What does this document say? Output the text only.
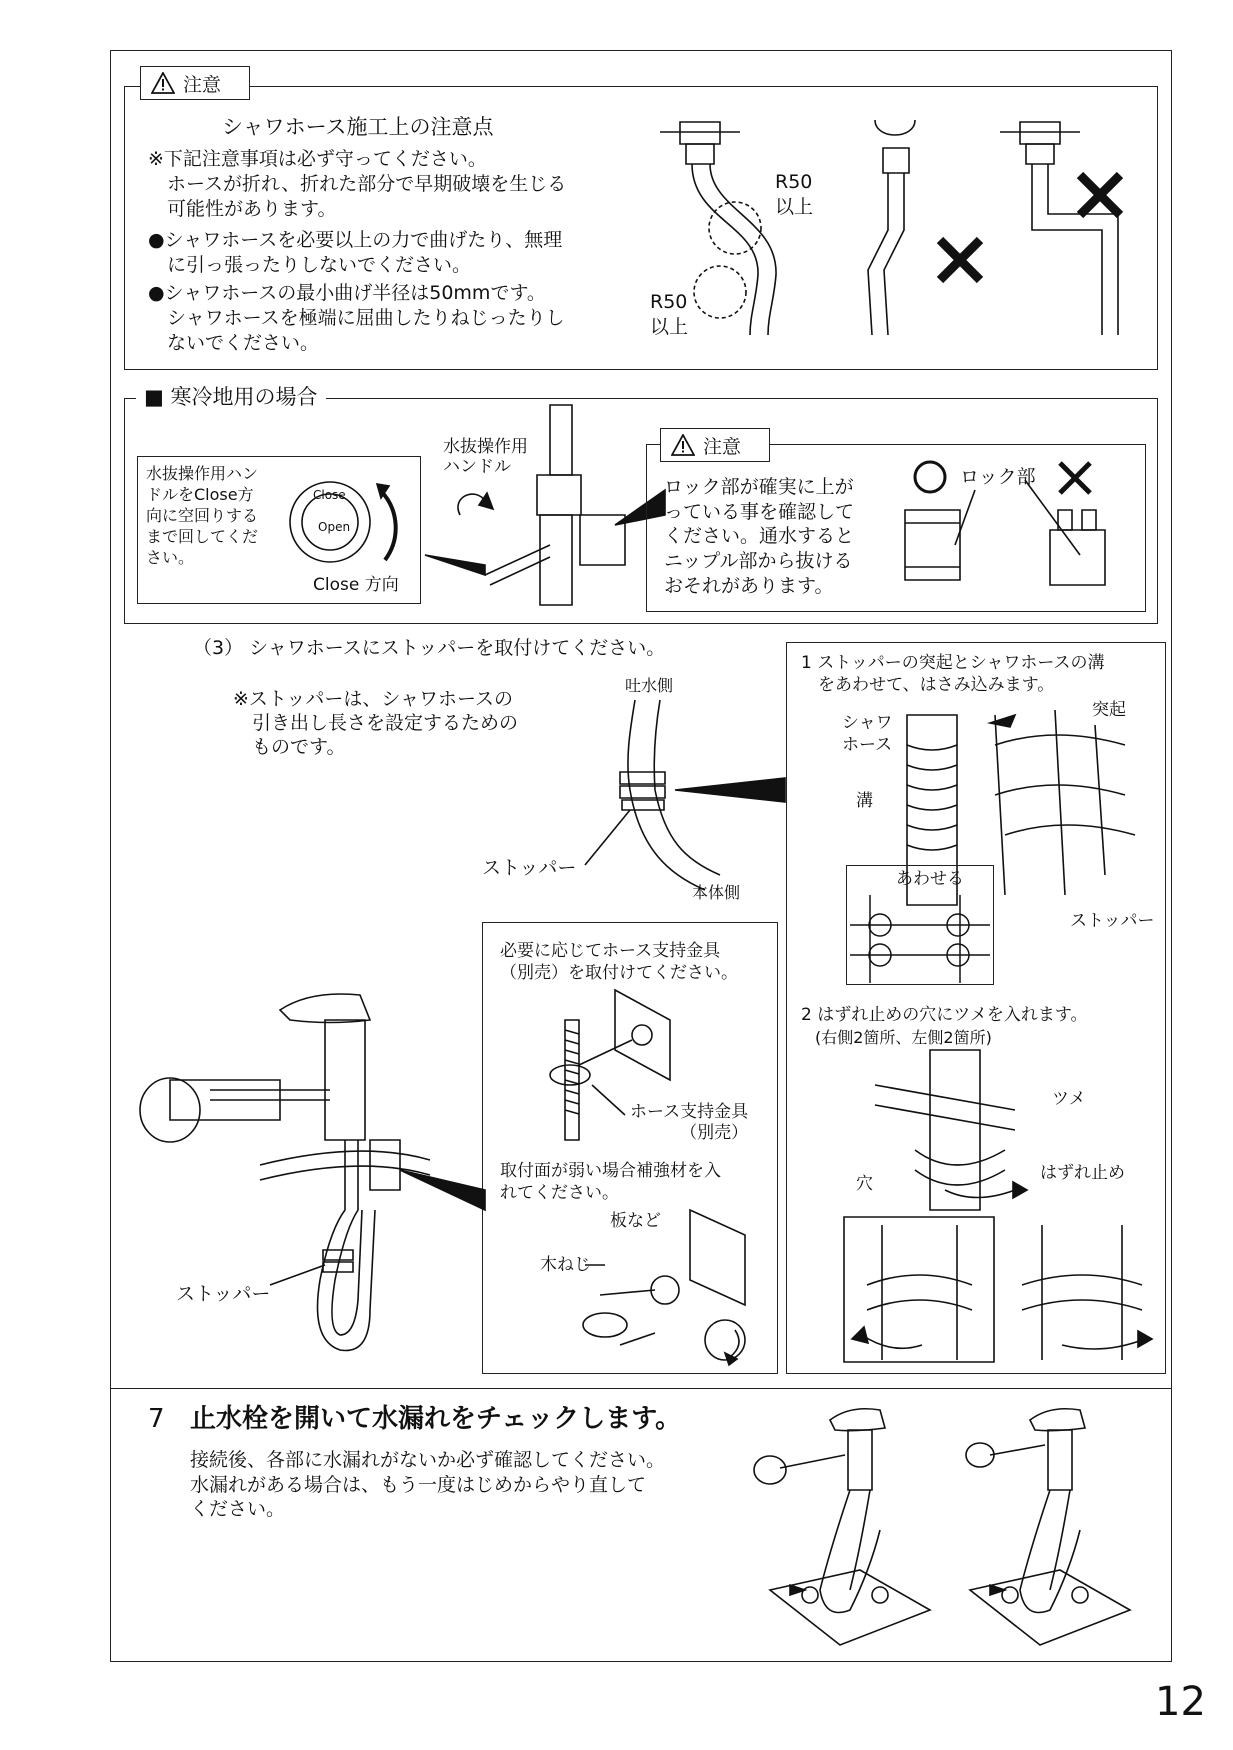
注意
シャワホース施工上の注意点
※下記注意事項は必ず守ってください。
　ホースが折れ、折れた部分で早期破壊を生じる
　可能性があります。
●シャワホースを必要以上の力で曲げたり、無理
　に引っ張ったりしないでください。
●シャワホースの最小曲げ半径は50mmです。
　シャワホースを極端に屈曲したりねじったりし
　ないでください。
R50
以上
R50
以上
■ 寒冷地用の場合
水抜操作用ハン
ドルをClose方
向に空回りする
まで回してくだ
さい。
Close
Open
Close 方向
水抜操作用
ハンドル
注意
ロック部が確実に上が
っている事を確認して
ください。通水すると
ニップル部から抜ける
おそれがあります。
ロック部
（3） シャワホースにストッパーを取付けてください。
※ストッパーは、シャワホースの
　引き出し長さを設定するための
　ものです。
吐水側
ストッパー
本体側
1 ストッパーの突起とシャワホースの溝
　をあわせて、はさみ込みます。
シャワ
ホース
突起
溝
ストッパー
あわせる
2 はずれ止めの穴にツメを入れます。
(右側2箇所、左側2箇所)
ツメ
穴
はずれ止め
必要に応じてホース支持金具
（別売）を取付けてください。
ホース支持金具
（別売）
取付面が弱い場合補強材を入
れてください。
板など
木ねじ
ストッパー
7 止水栓を開いて水漏れをチェックします。
接続後、各部に水漏れがないか必ず確認してください。
水漏れがある場合は、もう一度はじめからやり直して
ください。
12
